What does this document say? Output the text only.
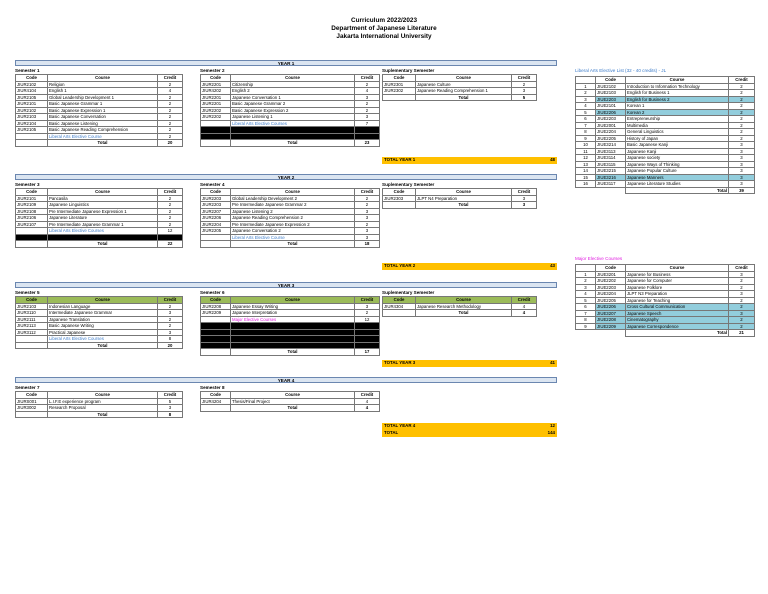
Curriculum 2022/2023
Department of Japanese Literature
Jakarta International University
YEAR 1
Semester 1
Code	Course	Credit
JIUR2102	Religion	2
JIUR4104	English 1	4
JIUR2105	Global Leadership Development 1	2
JIUR2101	Basic Japanese Grammar 1	2
JIUR2102	Basic Japanese Expression 1	2
JIUR2103	Basic Japanese Conversation	2
JIUR2104	Basic Japanese Listening	2
JIUR2105	Basic Japanese Reading Comprehension	2
	Liberal Arts Elective Course	2
	Total	20
Semester 2
Code	Course	Credit
JIUR2201	Citizenship	2
JIUR4202	English 2	4
JIUR2201	Japanese Conversation 1	3
JIUR2201	Basic Japanese Grammar 2	2
JIUR2202	Basic Japanese Expression 2	2
JIUR2202	Japanese Listening 1	3
	Liberal Arts Elective Courses	7

	Total	23
Suplementary Semester
Code	Course	Credit
JIUR2301	Japanese Culture	2
JIUR2302	Japanese Reading Comprehension 1	3
	Total	5
TOTAL YEAR 1	48
YEAR 2
Semester 3
Code	Course	Credit
JIUR2101	Pancasila	2
JIUR2109	Japanese Linguistics	2
JIUR2108	Pre Intermediate Japanese Expression 1	2
JIUR2106	Japanese Literature	2
JIUR2107	Pre Intermediate Japanese Grammar 1	2
	Liberal Arts Elective Courses	12

	Total	22
Semester 4
Code	Course	Credit
JIUR2203	Global Leadership Development 2	2
JIUR2203	Pre Intermediate Japanese Grammar 2	2
JIUR2207	Japanese Listening 2	3
JIUR2206	Japanese Reading Comprehension 2	3
JIUR2204	Pre Intermediate Japanese Expression 2	2
JIUR2205	Japanese Conversation 2	3
	Liberal Arts Elective Course	3
	Total	18
Suplementary Semester
Code	Course	Credit
JIUR2303	JLPT N4 Preparation	3
	Total	3
TOTAL YEAR 2	43
YEAR 3
Semester 5
Code	Course	Credit
JIUR2103	Indonesian Language	2
JIUR3110	Intermediate Japanese Grammar	3
JIUR2111	Japanese Translation	2
JIUR2113	Basic Japanese Writing	2
JIUR3112	Practical Japanese	3
	Liberal Arts Elective Courses	8
	Total	20
Semester 6
Code	Course	Credit
JIUR2208	Japanese Essay Writing	3
JIUR2209	Japanese Interpretation	2
	Major Elective Courses	12

	Total	17
Suplementary Semester
Code	Course	Credit
JIUR4304	Japanese Research Methodology	4
	Total	4
TOTAL YEAR 3	41
YEAR 4
Semester 7
Code	Course	Credit
JIURS001	L.I.F.E experience program	5
JIUR3002	Research Proposal	3
	Total	8
Semester 8
Code	Course	Credit
JIUR4204	Thesis/Final Project	4
	Total	4
TOTAL YEAR 4	12
TOTAL	144
Liberal Arts Elective List (32 - 40 credits) - JL
	Code	Course	Credit
1	JIUE2102	Introduction to Information Technology	2
2	JIUE2103	English for Business 1	2
3	JIUE2203	English for Business 2	2
4	JIUE2101	Korean 1	2
5	JIUE2206	Korean 2	2
6	JIUE2203	Entrepreneurship	2
7	JIUE2001	Multimedia	2
8	JIUE2204	General Linguistics	2
9	JIUE2205	History of Japan	2
10	JIUE3214	Basic Japanese Kanji	3
11	JIUE3113	Japanese Kanji	3
12	JIUE3114	Japanese society	3
13	JIUE3115	Japanese Ways of Thinking	3
14	JIUE3215	Japanese Popular Culture	3
15	JIUE3216	Japanese Manners	3
16	JIUE3117	Japanese Literature Studies	3
		Total	39
Major Elective Courses
	Code	Course	Credit
1	JIUE3201	Japanese for Business	3
2	JIUE2202	Japanese for Computer	2
3	JIUE2203	Japanese Folklore	2
4	JIUE3204	JLPT N3 Preparation	3
5	JIUE2205	Japanese for Teaching	2
6	JIUE2206	Cross Cultural Communication	2
7	JIUE3207	Japanese Speech	3
8	JIUE2208	Cinematography	2
9	JIUE2209	Japanese Correspondence	2
		Total	21
